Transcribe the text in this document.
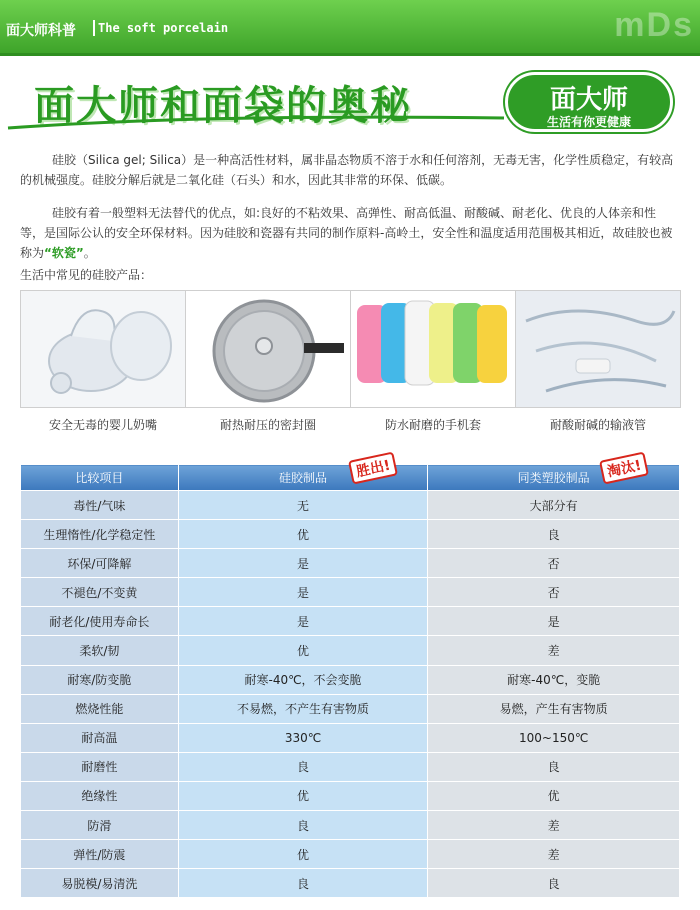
面大师科普 The soft porcelain	mDs
面大师和面袋的奥秘	面大师
生活有你更健康
硅胶（Silica gel; Silica）是一种高活性材料，属非晶态物质不溶于水和任何溶剂，无毒无害，化学性质稳定，有较高的机械强度。硅胶分解后就是二氧化硅（石头）和水，因此其非常的环保、低碳。
硅胶有着一般塑料无法替代的优点，如:良好的不粘效果、高弹性、耐高低温、耐酸碱、耐老化、优良的人体亲和性等，是国际公认的安全环保材料。因为硅胶和瓷器有共同的制作原料-高岭土，安全性和温度适用范围极其相近，故硅胶也被称为“软瓷”。
生活中常见的硅胶产品：
安全无毒的婴儿奶嘴	耐热耐压的密封圈	防水耐磨的手机套	耐酸耐碱的输液管
比较项目	硅胶制品	同类塑胶制品
毒性/气味	无	大部分有
生理惰性/化学稳定性	优	良
环保/可降解	是	否
不褪色/不变黄	是	否
耐老化/使用寿命长	是	是
柔软/韧	优	差
耐寒/防变脆	耐寒-40℃，不会变脆	耐寒-40℃，变脆
燃烧性能	不易燃，不产生有害物质	易燃，产生有害物质
耐高温	330℃	100~150℃
耐磨性	良	良
绝缘性	优	优
防滑	良	差
弹性/防震	优	差
易脱模/易清洗	良	良
胜出!	淘汰!
